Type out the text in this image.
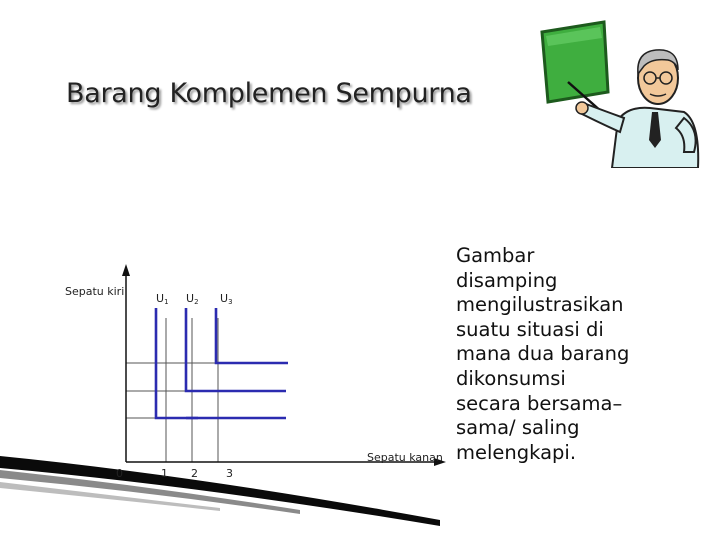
Barang Komplemen Sempurna
Sepatu kiri
Sepatu kanan
U1 U2 U3
0	1 2	3
Gambar
disamping
mengilustrasikan
suatu situasi di
mana dua barang
dikonsumsi
secara bersama–
sama/ saling
melengkapi.
